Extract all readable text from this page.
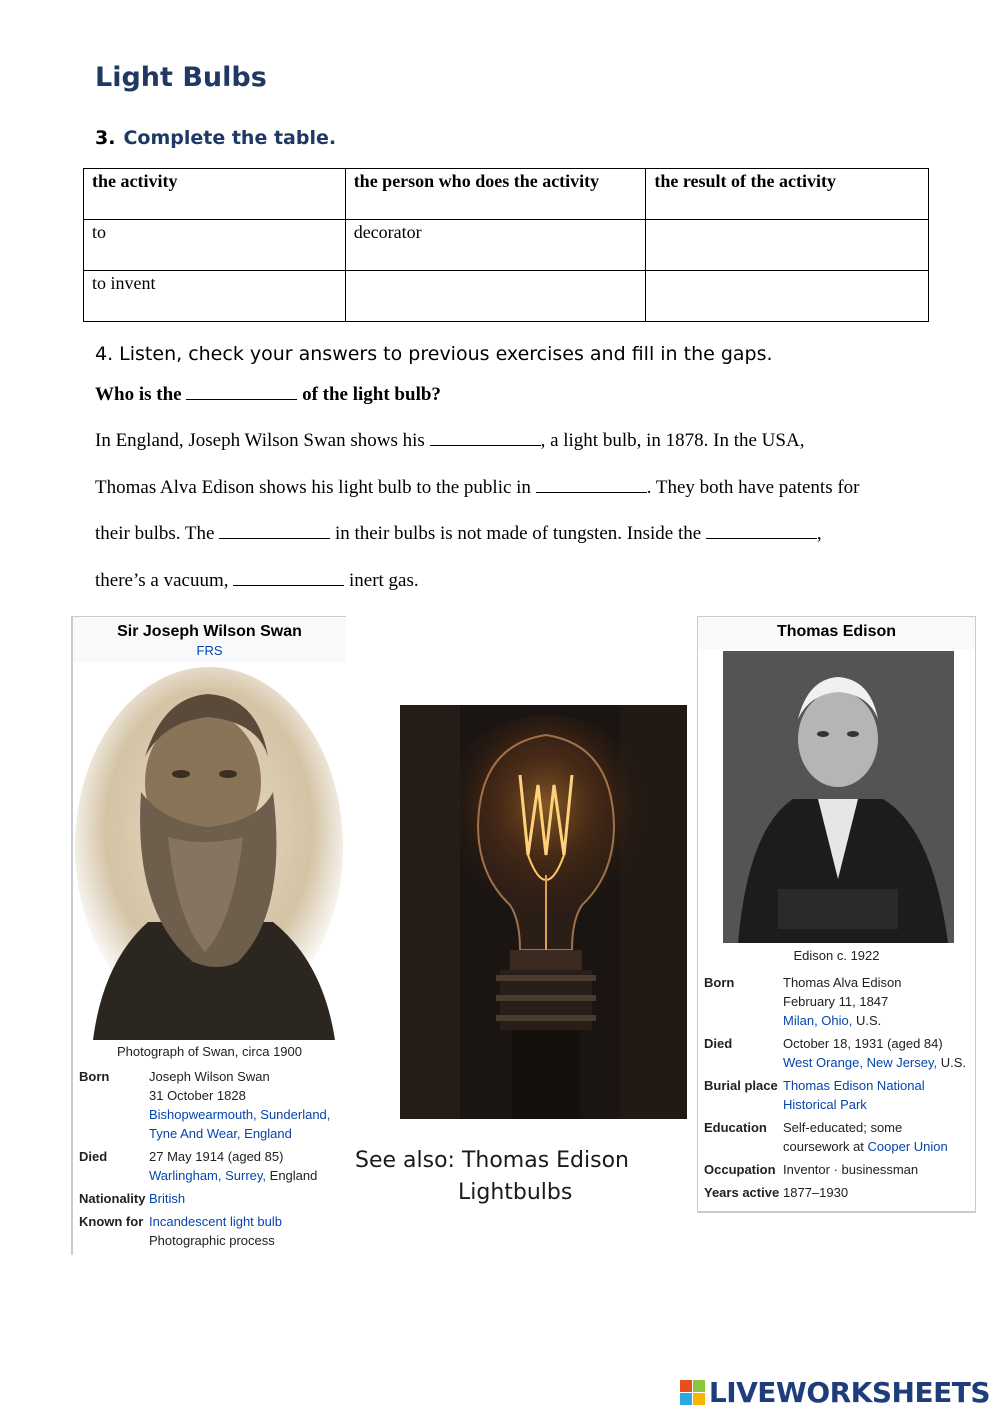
Light Bulbs
3. Complete the table.
the activity	the person who does the activity	the result of the activity
to	decorator	
to invent		
4. Listen, check your answers to previous exercises and fill in the gaps.
Who is the	of the light bulb?
In England, Joseph Wilson Swan shows his	, a light bulb, in 1878. In the USA,
Thomas Alva Edison shows his light bulb to the public in	. They both have patents for
their bulbs. The	in their bulbs is not made of tungsten. Inside the	,
there’s a vacuum,	inert gas.
Sir Joseph Wilson Swan
FRS
Photograph of Swan, circa 1900
Born	Joseph Wilson Swan
31 October 1828
Bishopwearmouth, Sunderland, Tyne And Wear, England
Died	27 May 1914 (aged 85)
Warlingham, Surrey, England
Nationality British
Known for Incandescent light bulb
Photographic process
See also: Thomas Edison
Lightbulbs
Thomas Edison
Edison c. 1922
Born	Thomas Alva Edison
February 11, 1847
Milan, Ohio, U.S.
Died	October 18, 1931 (aged 84)
West Orange, New Jersey, U.S.
Burial place Thomas Edison National Historical Park
Education	Self-educated; some coursework at Cooper Union
Occupation Inventor · businessman
Years active 1877–1930
LIVEWORKSHEETS
